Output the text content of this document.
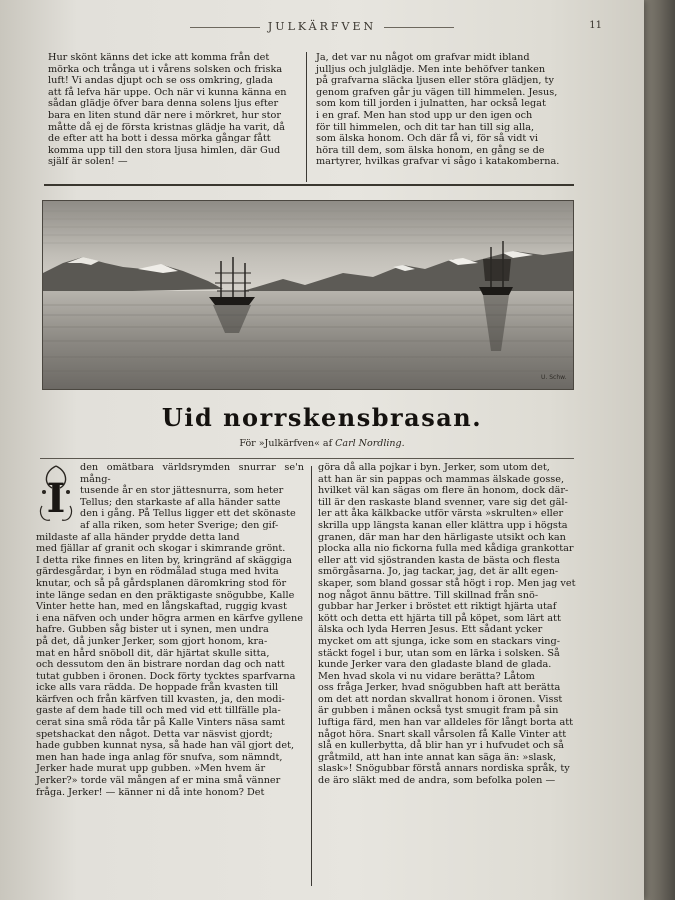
JULKÄRFVEN	11
Hur skönt känns det icke att komma från det
mörka och trånga ut i vårens solsken och friska
luft! Vi andas djupt och se oss omkring, glada
att få lefva här uppe. Och när vi kunna känna en
sådan glädje öfver bara denna solens ljus efter
bara en liten stund där nere i mörkret, hur stor
måtte då ej de första kristnas glädje ha varit, då
de efter att ha bott i dessa mörka gångar fått
komma upp till den stora ljusa himlen, där Gud
själf är solen! —
Ja, det var nu något om grafvar midt ibland
julljus och julglädje. Men inte behöfver tanken
på grafvarna släcka ljusen eller störa glädjen, ty
genom grafven går ju vägen till himmelen. Jesus,
som kom till jorden i julnatten, har också legat
i en graf. Men han stod upp ur den igen och
för till himmelen, och dit tar han till sig alla,
som älska honom. Och där få vi, för så vidt vi
höra till dem, som älska honom, en gång se de
martyrer, hvilkas grafvar vi sågo i katakomberna.
U. Schw.
Uid norrskensbrasan.
För »Julkärfven« af Carl Nordling.
I
den omätbara världsrymden snurrar se'n mång-
tusende år en stor jättesnurra, som heter
Tellus; den starkaste af alla händer satte
den i gång. På Tellus ligger ett det skönaste
af alla riken, som heter Sverige; den gif-
mildaste af alla händer prydde detta land
med fjällar af granit och skogar i skimrande grönt.
I detta rike finnes en liten by, kringränd af skäggiga
gärdesgårdar, i byn en rödmålad stuga med hvita
knutar, och så på gårdsplanen däromkring stod för
inte länge sedan en den präktigaste snögubbe, Kalle
Vinter hette han, med en långskaftad, ruggig kvast
i ena näfven och under högra armen en kärfve gyllene
hafre. Gubben såg bister ut i synen, men undra
på det, då junker Jerker, som gjort honom, kra-
mat en hård snöboll dit, där hjärtat skulle sitta,
och dessutom den än bistrare nordan dag och natt
tutat gubben i öronen. Dock förty tycktes sparfvarna
icke alls vara rädda. De hoppade från kvasten till
kärfven och från kärfven till kvasten, ja, den modi-
gaste af dem hade till och med vid ett tillfälle pla-
cerat sina små röda tår på Kalle Vinters näsa samt
spetshackat den något. Detta var näsvist gjordt;
hade gubben kunnat nysa, så hade han väl gjort det,
men han hade inga anlag för snufva, som nämndt,
Jerker hade murat upp gubben. »Men hvem är
Jerker?» torde väl mången af er mina små vänner
fråga. Jerker! — känner ni då inte honom? Det
göra då alla pojkar i byn. Jerker, som utom det,
att han är sin pappas och mammas älskade gosse,
hvilket väl kan sägas om flere än honom, dock där-
till är den raskaste bland svenner, vare sig det gäl-
ler att åka kälkbacke utför värsta »skrulten» eller
skrilla upp längsta kanan eller klättra upp i högsta
granen, där man har den härligaste utsikt och kan
plocka alla nio fickorna fulla med kådiga grankottar
eller att vid sjöstranden kasta de bästa och flesta
smörgåsarna. Jo, jag tackar, jag, det är allt egen-
skaper, som bland gossar stå högt i rop. Men jag vet
nog något ännu bättre. Till skillnad från snö-
gubbar har Jerker i bröstet ett riktigt hjärta utaf
kött och detta ett hjärta till på köpet, som lärt att
älska och lyda Herren Jesus. Ett sådant ycker
mycket om att sjunga, icke som en stackars ving-
stäckt fogel i bur, utan som en lärka i solsken. Så
kunde Jerker vara den gladaste bland de glada.
Men hvad skola vi nu vidare berätta? Låtom
oss fråga Jerker, hvad snögubben haft att berätta
om det att nordan skvallrat honom i öronen. Visst
är gubben i månen också tyst smugit fram på sin
luftiga färd, men han var alldeles för långt borta att
något höra. Snart skall vårsolen få Kalle Vinter att
slå en kullerbytta, då blir han yr i hufvudet och så
gråtmild, att han inte annat kan säga än: »slask,
slask»! Snögubbar förstå annars nordiska språk, ty
de äro släkt med de andra, som befolka polen —
